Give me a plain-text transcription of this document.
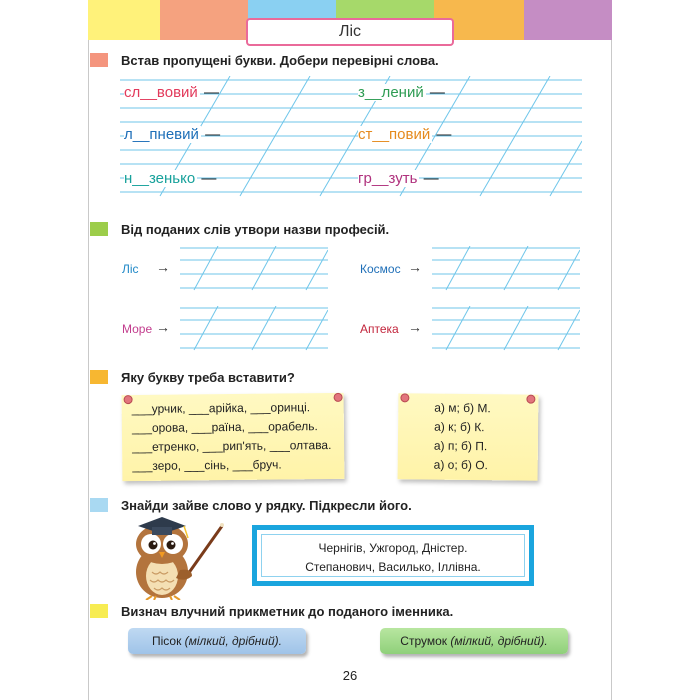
Ліс
Встав пропущені букви. Добери перевірні слова.
сл__вовий —	з__лений —
л__пневий —	ст__повий —
н__зенько —	гр__зуть —
Від поданих слів утвори назви професій.
Ліс →	Космос →
Море →	Аптека →
Яку букву треба вставити?
___урчик, ___арійка, ___оринці.
___орова, ___раїна, ___орабель.
___етренко, ___рип'ять, ___олтава.
___зеро, ___сінь, ___бруч.
а) м; б) М.
а) к; б) К.
а) п; б) П.
а) о; б) О.
Знайди зайве слово у рядку. Підкресли його.
Чернігів, Ужгород, Дністер.
Степанович, Василько, Іллівна.
Визнач влучний прикметник до поданого іменника.
Пісок (мілкий, дрібний).	Струмок (мілкий, дрібний).
26
